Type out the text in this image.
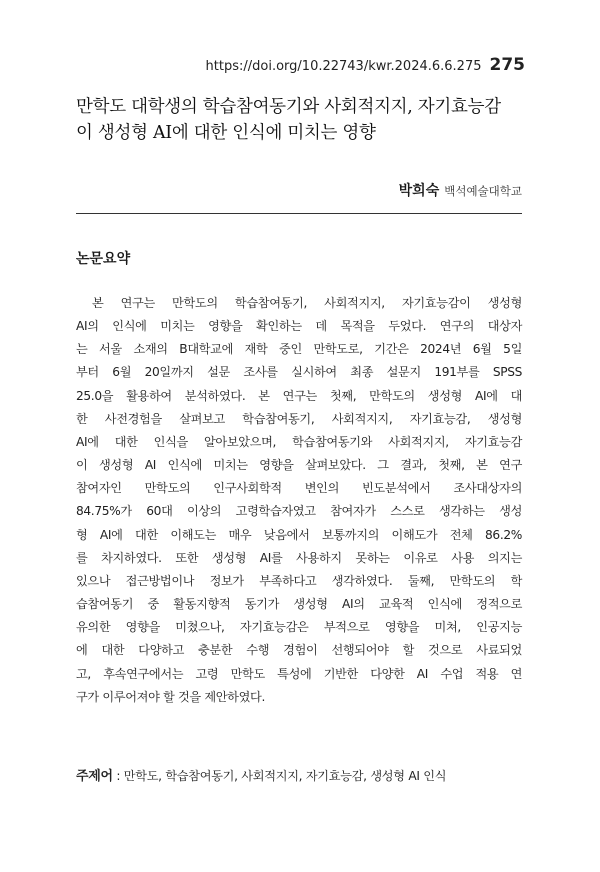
https://doi.org/10.22743/kwr.2024.6.6.275 275
만학도 대학생의 학습참여동기와 사회적지지, 자기효능감
이 생성형 AI에 대한 인식에 미치는 영향
박희숙 백석예술대학교
논문요약
본 연구는 만학도의 학습참여동기, 사회적지지, 자기효능감이 생성형
AI의 인식에 미치는 영향을 확인하는 데 목적을 두었다. 연구의 대상자
는 서울 소재의 B대학교에 재학 중인 만학도로, 기간은 2024년 6월 5일
부터 6월 20일까지 설문 조사를 실시하여 최종 설문지 191부를 SPSS
25.0을 활용하여 분석하였다. 본 연구는 첫째, 만학도의 생성형 AI에 대
한 사전경험을 살펴보고 학습참여동기, 사회적지지, 자기효능감, 생성형
AI에 대한 인식을 알아보았으며, 학습참여동기와 사회적지지, 자기효능감
이 생성형 AI 인식에 미치는 영향을 살펴보았다. 그 결과, 첫째, 본 연구
참여자인 만학도의 인구사회학적 변인의 빈도분석에서 조사대상자의
84.75%가 60대 이상의 고령학습자였고 참여자가 스스로 생각하는 생성
형 AI에 대한 이해도는 매우 낮음에서 보통까지의 이해도가 전체 86.2%
를 차지하였다. 또한 생성형 AI를 사용하지 못하는 이유로 사용 의지는
있으나 접근방법이나 정보가 부족하다고 생각하였다. 둘째, 만학도의 학
습참여동기 중 활동지향적 동기가 생성형 AI의 교육적 인식에 정적으로
유의한 영향을 미쳤으나, 자기효능감은 부적으로 영향을 미쳐, 인공지능
에 대한 다양하고 충분한 수행 경험이 선행되어야 할 것으로 사료되었
고, 후속연구에서는 고령 만학도 특성에 기반한 다양한 AI 수업 적용 연
구가 이루어져야 할 것을 제안하였다.
주제어 : 만학도, 학습참여동기, 사회적지지, 자기효능감, 생성형 AI 인식
